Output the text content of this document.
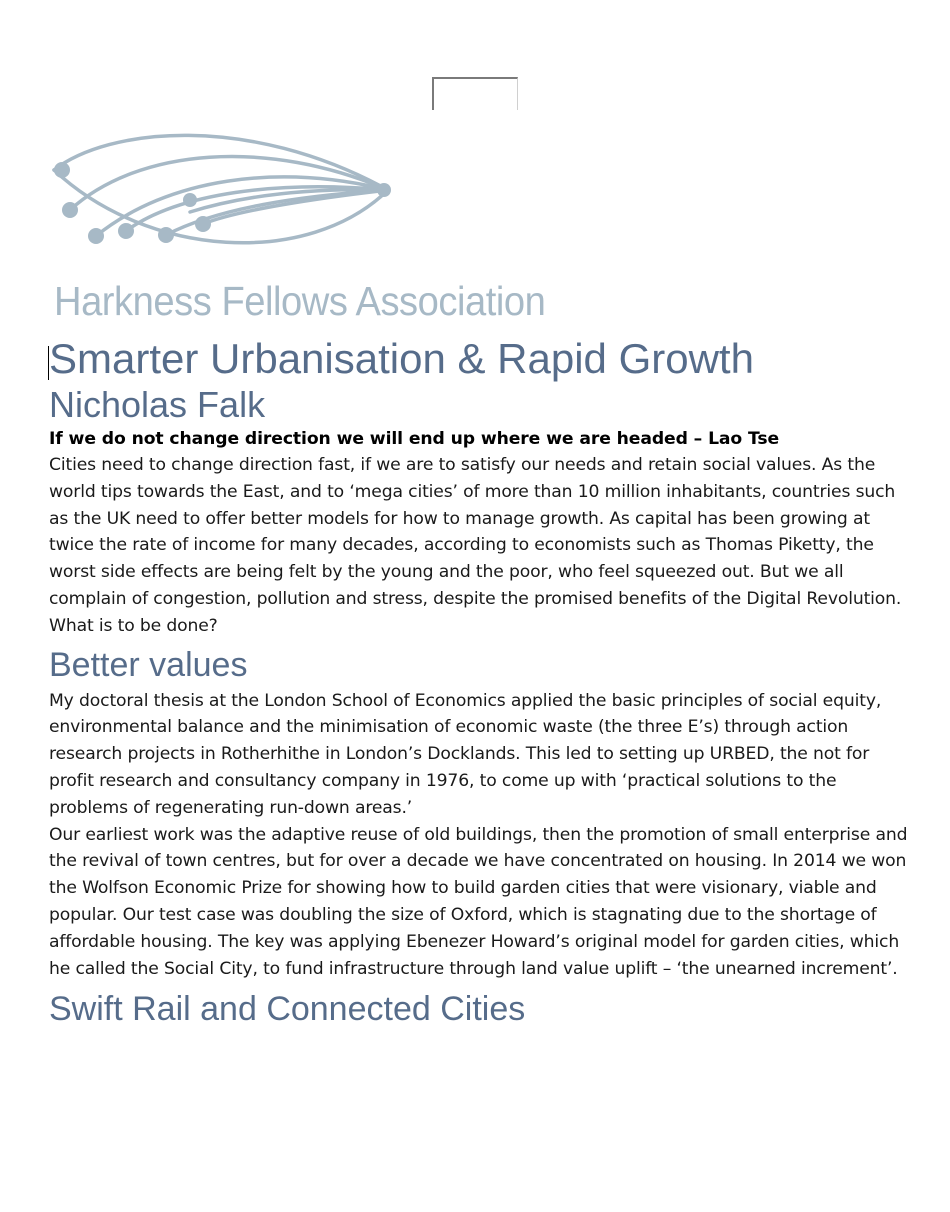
Harkness Fellows Association
Smarter Urbanisation & Rapid Growth
Nicholas Falk

If we do not change direction we will end up where we are headed – Lao Tse

Cities need to change direction fast, if we are to satisfy our needs and retain social values. As the world tips towards the East, and to ‘mega cities’ of more than 10 million inhabitants, countries such as the UK need to offer better models for how to manage growth. As capital has been growing at twice the rate of income for many decades, according to economists such as Thomas Piketty, the worst side effects are being felt by the young and the poor, who feel squeezed out. But we all complain of congestion, pollution and stress, despite the promised benefits of the Digital Revolution. What is to be done?

Better values

My doctoral thesis at the London School of Economics applied the basic principles of social equity, environmental balance and the minimisation of economic waste (the three E’s) through action research projects in Rotherhithe in London’s Docklands. This led to setting up URBED, the not for profit research and consultancy company in 1976, to come up with ‘practical solutions to the problems of regenerating run-down areas.’

Our earliest work was the adaptive reuse of old buildings, then the promotion of small enterprise and the revival of town centres, but for over a decade we have concentrated on housing. In 2014 we won the Wolfson Economic Prize for showing how to build garden cities that were visionary, viable and popular. Our test case was doubling the size of Oxford, which is stagnating due to the shortage of affordable housing. The key was applying Ebenezer Howard’s original model for garden cities, which he called the Social City, to fund infrastructure through land value uplift – ‘the unearned increment’.

Swift Rail and Connected Cities
